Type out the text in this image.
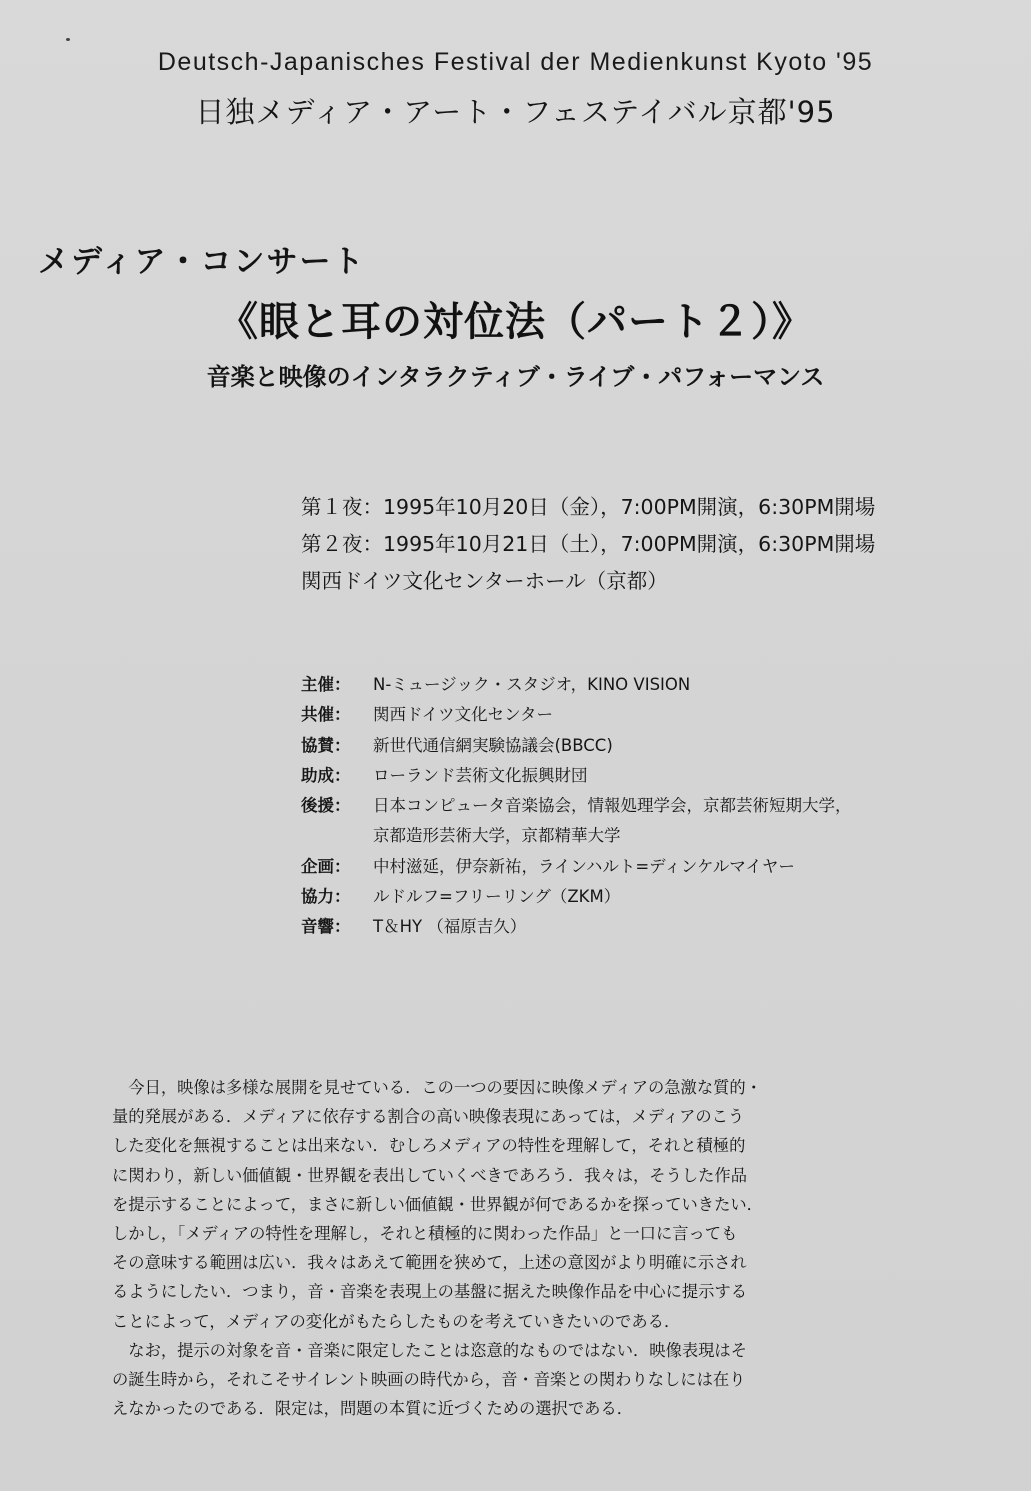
Deutsch-Japanisches Festival der Medienkunst Kyoto '95
日独メディア・アート・フェステイバル京都'95
メディア・コンサート
《眼と耳の対位法（パート２）》
音楽と映像のインタラクティブ・ライブ・パフォーマンス
第１夜：1995年10月20日（金），7:00PM開演，6:30PM開場
第２夜：1995年10月21日（土），7:00PM開演，6:30PM開場
関西ドイツ文化センターホール（京都）
主催：	N-ミュージック・スタジオ，KINO VISION
共催：	関西ドイツ文化センター
協賛：	新世代通信網実験協議会(BBCC)
助成：	ローランド芸術文化振興財団
後援：	日本コンピュータ音楽協会，情報処理学会，京都芸術短期大学，
京都造形芸術大学，京都精華大学
企画：	中村滋延，伊奈新祐，ラインハルト=ディンケルマイヤー
協力：	ルドルフ=フリーリング（ZKM）
音響：	T＆HY （福原吉久）
　今日，映像は多様な展開を見せている．この一つの要因に映像メディアの急激な質的・
量的発展がある．メディアに依存する割合の高い映像表現にあっては，メディアのこう
した変化を無視することは出来ない．むしろメディアの特性を理解して，それと積極的
に関わり，新しい価値観・世界観を表出していくべきであろう．我々は，そうした作品
を提示することによって，まさに新しい価値観・世界観が何であるかを探っていきたい．
しかし，「メディアの特性を理解し，それと積極的に関わった作品」と一口に言っても
その意味する範囲は広い．我々はあえて範囲を狭めて，上述の意図がより明確に示され
るようにしたい．つまり，音・音楽を表現上の基盤に据えた映像作品を中心に提示する
ことによって，メディアの変化がもたらしたものを考えていきたいのである．
　なお，提示の対象を音・音楽に限定したことは恣意的なものではない．映像表現はそ
の誕生時から，それこそサイレント映画の時代から，音・音楽との関わりなしには在り
えなかったのである．限定は，問題の本質に近づくための選択である．
